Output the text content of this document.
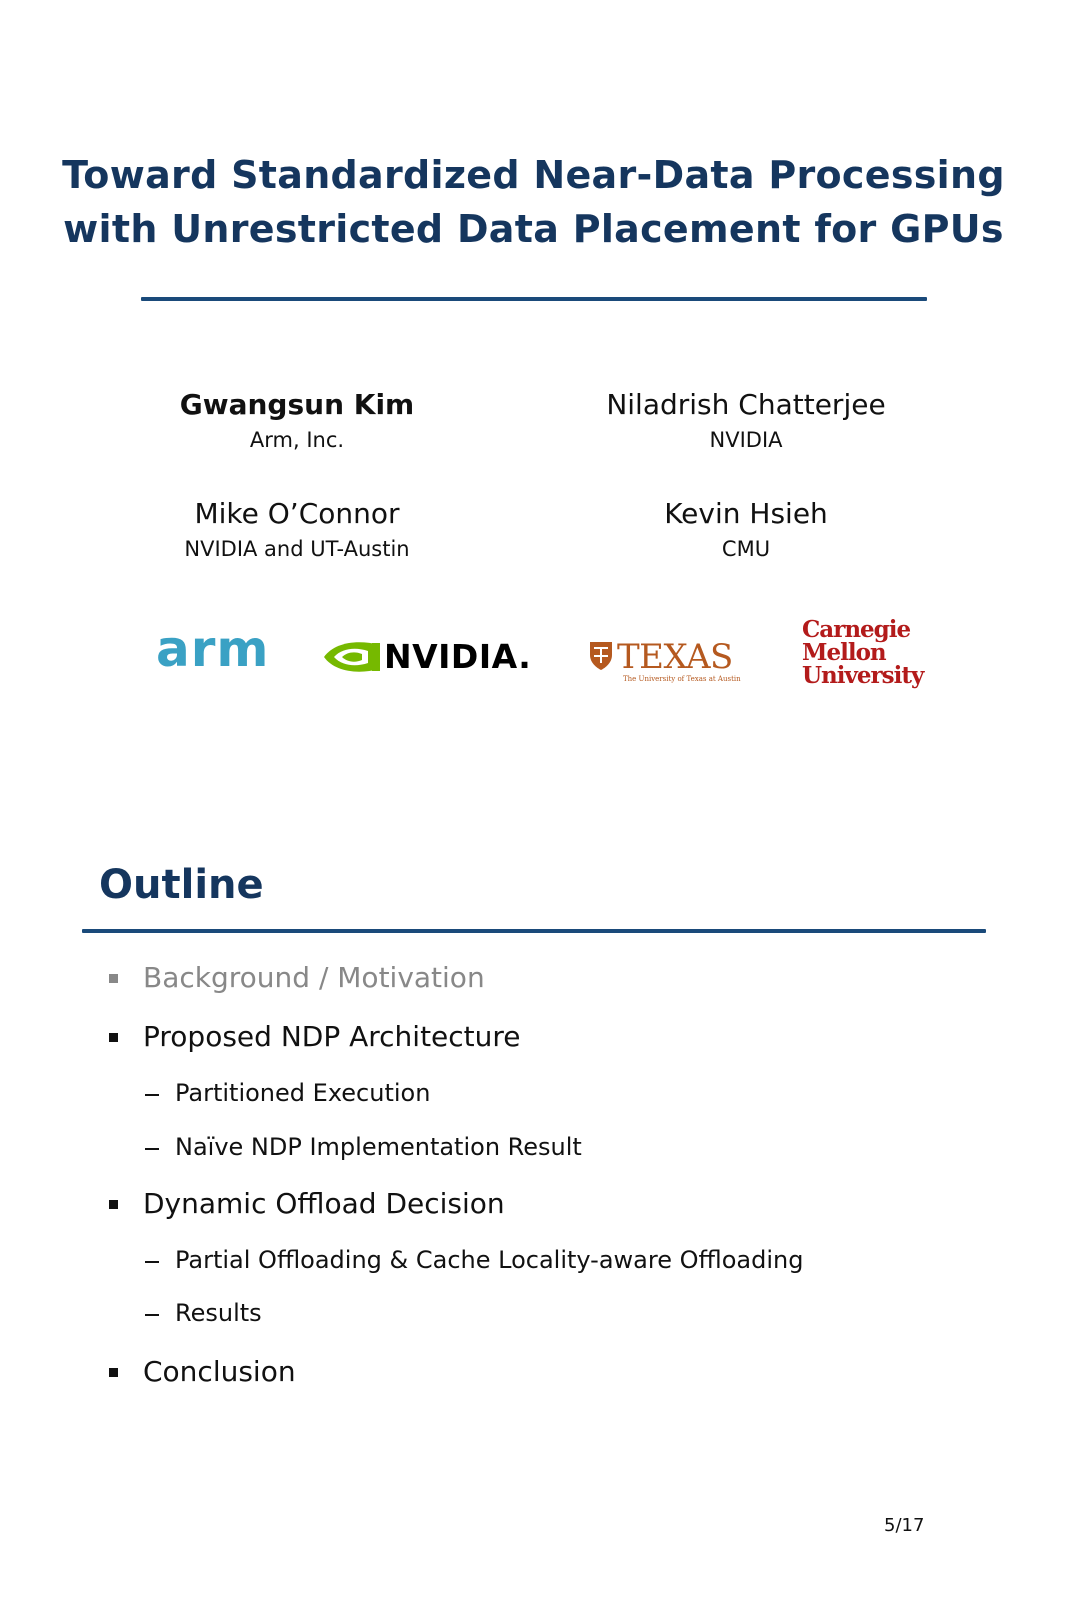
Toward Standardized Near-Data Processing
with Unrestricted Data Placement for GPUs
Gwangsun Kim
Arm, Inc.
Niladrish Chatterjee
NVIDIA
Mike O’Connor
NVIDIA and UT-Austin
Kevin Hsieh
CMU
arm	NVIDIA.	TEXAS
The University of Texas at Austin
Carnegie
Mellon
University
Outline
Background / Motivation
Proposed NDP Architecture
Partitioned Execution
Naïve NDP Implementation Result
Dynamic Offload Decision
Partial Offloading & Cache Locality-aware Offloading
Results
Conclusion
5/17
